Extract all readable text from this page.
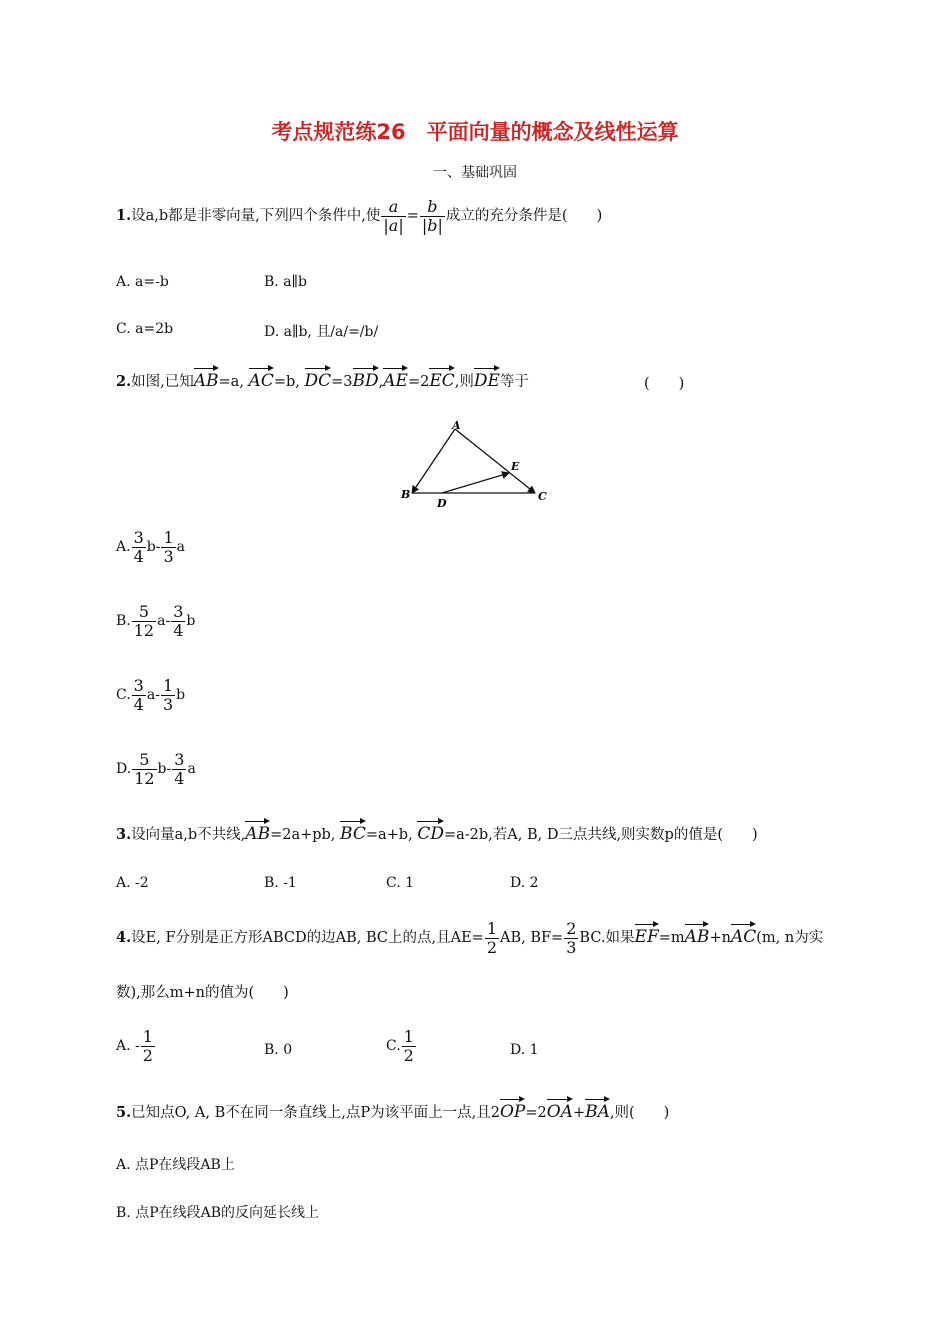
考点规范练26　平面向量的概念及线性运算
一、基础巩固
1.设a,b都是非零向量,下列四个条件中,使 $\frac{a}{|a|} = \frac{b}{|b|}$ 成立的充分条件是(　　)
A. a=-b	B. a∥b
C. a=2b	D. a∥b, 且/a/=/b/
2.如图,已知AB=a, AC=b, DC=3BD,AE=2EC,则DE等于	(　　)
A
B	C
D
E
A. $\frac{3}{4} b- \frac{1}{3}$ a
B. $\frac{5}{12} a- \frac{3}{4}$ b
C. $\frac{3}{4} a- \frac{1}{3}$ b
D. $\frac{5}{12} b- \frac{3}{4}$ a
3.设向量a,b不共线,AB=2a+pb, BC=a+b, CD=a-2b,若A, B, D三点共线,则实数p的值是(　　)
A. -2	B. -1	C. 1	D. 2
4.设E, F分别是正方形ABCD的边AB, BC上的点,且$AE= \frac{1}{2}$ AB, $BF= \frac{2}{3}$ BC.如果EF=mAB+nAC(m, n为实
数),那么m+n的值为(　　)
A. - $\frac{1}{2}$	B. 0	C. $\frac{1}{2}$	D. 1
5.已知点O, A, B不在同一条直线上,点P为该平面上一点,且2OP=2OA+BA,则(　　)
A. 点P在线段AB上
B. 点P在线段AB的反向延长线上
